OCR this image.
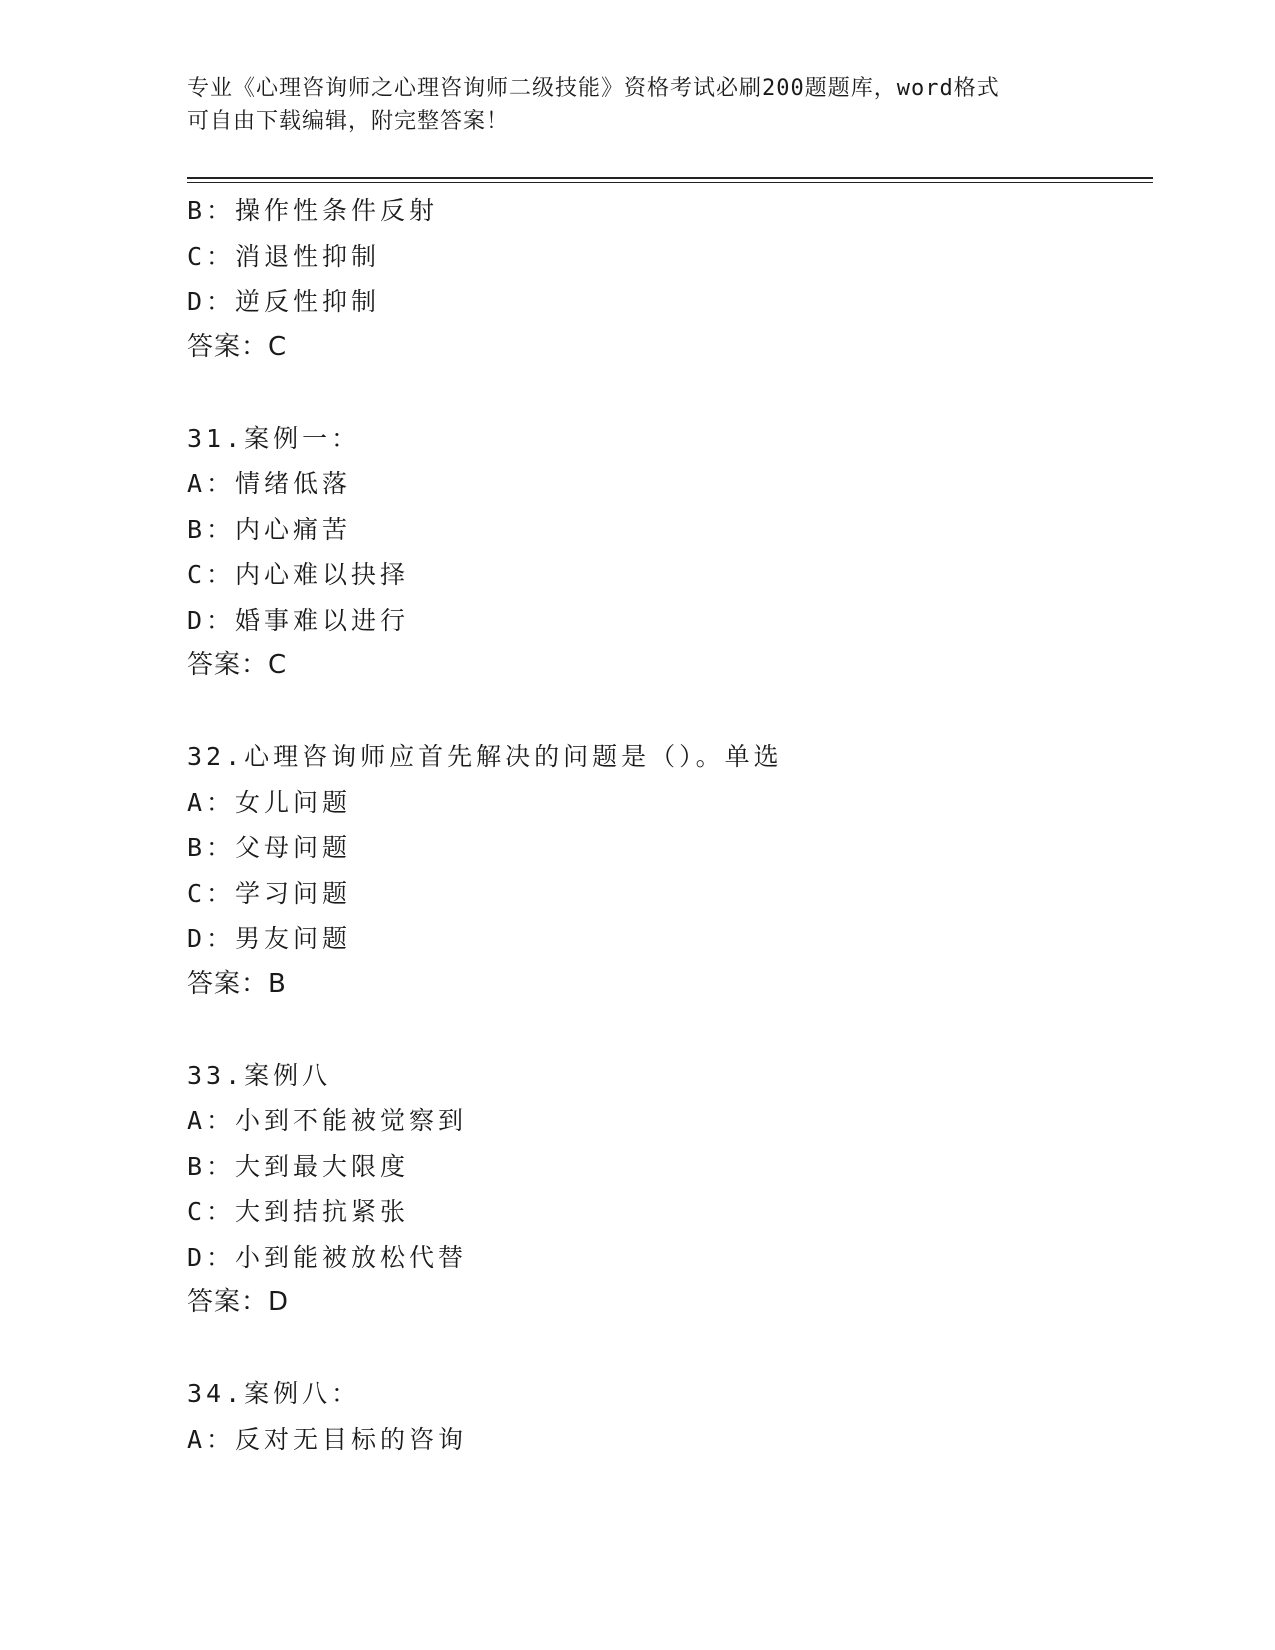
专业《心理咨询师之心理咨询师二级技能》资格考试必刷200题题库，word格式
可自由下载编辑，附完整答案！
B：操作性条件反射
C：消退性抑制
D：逆反性抑制
答案：C
31.案例一：
A：情绪低落
B：内心痛苦
C：内心难以抉择
D：婚事难以进行
答案：C
32.心理咨询师应首先解决的问题是（）。单选
A：女儿问题
B：父母问题
C：学习问题
D：男友问题
答案：B
33.案例八
A：小到不能被觉察到
B：大到最大限度
C：大到拮抗紧张
D：小到能被放松代替
答案：D
34.案例八：
A：反对无目标的咨询
